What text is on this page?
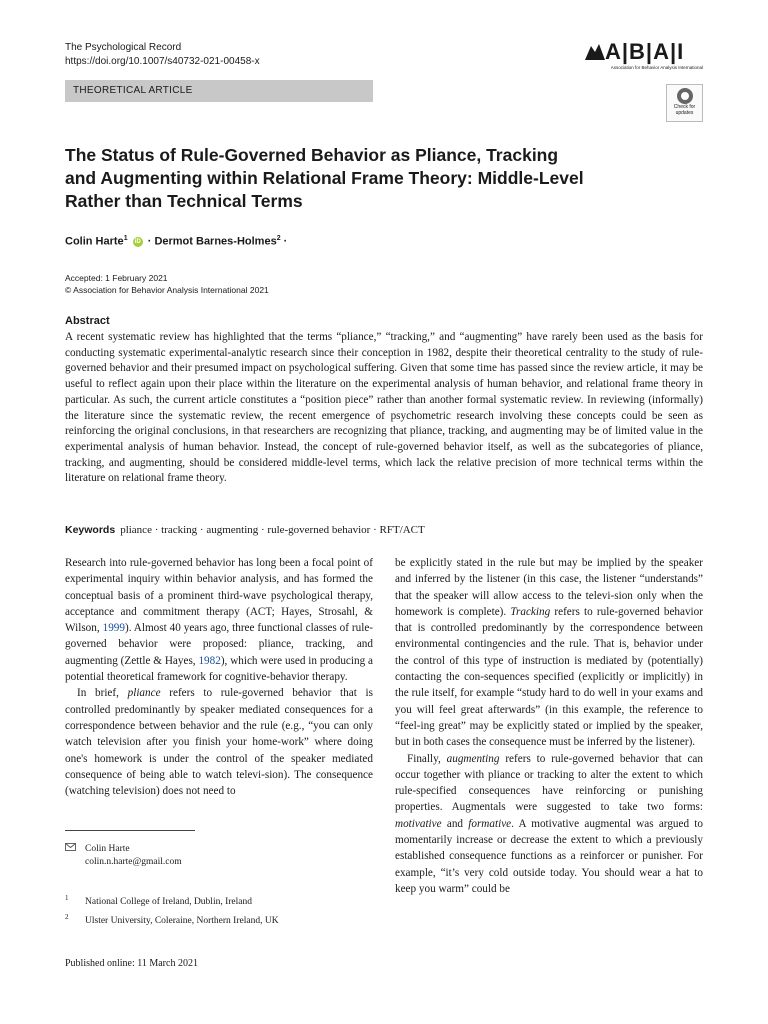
The Psychological Record
https://doi.org/10.1007/s40732-021-00458-x	A|B|A|I
Association for Behavior Analysis International
THEORETICAL ARTICLE
Check for updates
The Status of Rule-Governed Behavior as Pliance, Tracking and Augmenting within Relational Frame Theory: Middle-Level Rather than Technical Terms
Colin Harte$^1$ iD · Dermot Barnes-Holmes$^2$ ·
Accepted: 1 February 2021
© Association for Behavior Analysis International 2021
Abstract

A recent systematic review has highlighted that the terms “pliance,” “tracking,” and “augmenting” have rarely been used as the basis for conducting systematic experimental-analytic research since their conception in 1982, despite their theoretical centrality to the study of rule-governed behavior and their presumed impact on psychological suffering. Given that some time has passed since the review article, it may be useful to reflect again upon their place within the literature on the experimental analysis of human behavior, and relational frame theory in particular. As such, the current article constitutes a “position piece” rather than another formal systematic review. In reviewing (informally) the literature since the systematic review, the recent emergence of psychometric research involving these concepts could be seen as reinforcing the original conclusions, in that researchers are recognizing that pliance, tracking, and augmenting may be of limited value in the experimental analysis of human behavior. Instead, the concept of rule-governed behavior itself, as well as the subcategories of pliance, tracking, and augmenting, should be considered middle-level terms, which lack the relative precision of more technical terms within the literature on relational frame theory.

Keywords pliance · tracking · augmenting · rule-governed behavior · RFT/ACT

Research into rule-governed behavior has long been a focal point of experimental inquiry within behavior analysis, and has formed the conceptual basis of a prominent third-wave psychological therapy, acceptance and commitment therapy (ACT; Hayes, Strosahl, & Wilson, 1999). Almost 40 years ago, three functional classes of rule-governed behavior were proposed: pliance, tracking, and augmenting (Zettle & Hayes, 1982), which were used in producing a potential theoretical framework for cognitive-behavior therapy.

In brief, pliance refers to rule-governed behavior that is controlled predominantly by speaker mediated consequences for a correspondence between behavior and the rule (e.g., “you can only watch television after you finish your home-work” where doing one's homework is under the control of the speaker mediated consequence of being able to watch televi-sion). The consequence (watching television) does not need to

be explicitly stated in the rule but may be implied by the speaker and inferred by the listener (in this case, the listener “understands” that the speaker will allow access to the televi-sion only when the homework is complete). Tracking refers to rule-governed behavior that is controlled predominantly by the correspondence between environmental contingencies and the rule. That is, behavior under the control of this type of instruction is mediated by (potentially) contacting the con-sequences specified (explicitly or implicitly) in the rule itself, for example “study hard to do well in your exams and you will feel great afterwards” (in this example, the reference to “feel-ing great” may be explicitly stated or implied by the speaker, but in both cases the consequence must be inferred by the listener).

Finally, augmenting refers to rule-governed behavior that can occur together with pliance or tracking to alter the extent to which rule-specified consequences have reinforcing or punishing properties. Augmentals were suggested to take two forms: motivative and formative. A motivative augmental was argued to momentarily increase or decrease the extent to which a previously established consequence functions as a reinforcer or punisher. For example, “it’s very cold outside today. You should wear a hat to keep you warm” could be

Colin Harte
colin.n.harte@gmail.com
$^1$ National College of Ireland, Dublin, Ireland
$^2$ Ulster University, Coleraine, Northern Ireland, UK
Published online: 11 March 2021
